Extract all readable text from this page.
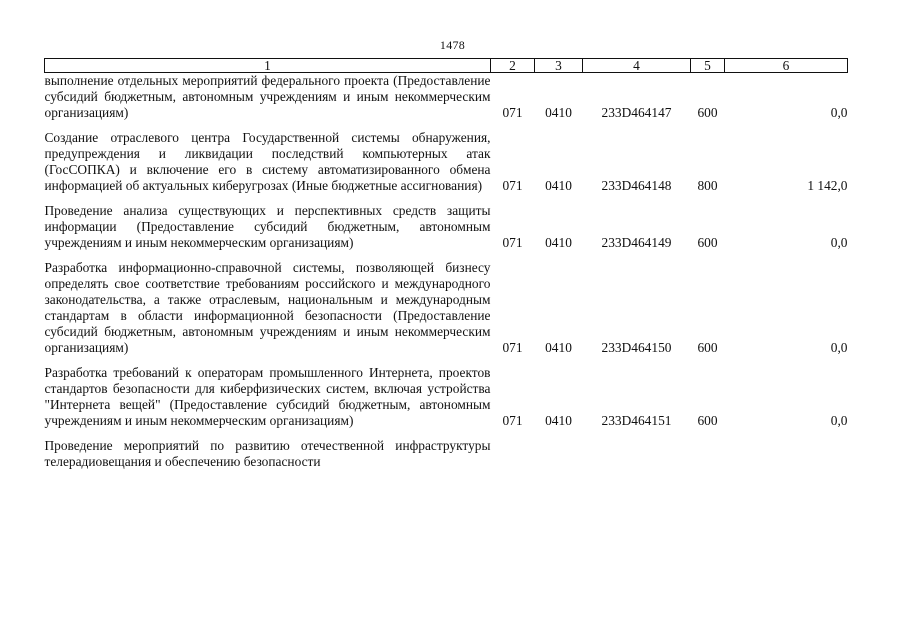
1478
1	2	3	4	5	6
выполнение отдельных мероприятий федерального проекта (Предоставление субсидий бюджетным, автономным учреждениям и иным некоммерческим организациям)	071	0410	233D464147	600	0,0

Создание отраслевого центра Государственной системы обнаружения, предупреждения и ликвидации последствий компьютерных атак (ГосСОПКА) и включение его в систему автоматизированного обмена информацией об актуальных киберугрозах (Иные бюджетные ассигнования)	071	0410	233D464148	800	1 142,0

Проведение анализа существующих и перспективных средств защиты информации (Предоставление субсидий бюджетным, автономным учреждениям и иным некоммерческим организациям)	071	0410	233D464149	600	0,0

Разработка информационно-справочной системы, позволяющей бизнесу определять свое соответствие требованиям российского и международного законодательства, а также отраслевым, национальным и международным стандартам в области информационной безопасности (Предоставление субсидий бюджетным, автономным учреждениям и иным некоммерческим организациям)	071	0410	233D464150	600	0,0

Разработка требований к операторам промышленного Интернета, проектов стандартов безопасности для киберфизических систем, включая устройства "Интернета вещей" (Предоставление субсидий бюджетным, автономным учреждениям и иным некоммерческим организациям)	071	0410	233D464151	600	0,0

Проведение мероприятий по развитию отечественной инфраструктуры телерадиовещания и обеспечению безопасности					
